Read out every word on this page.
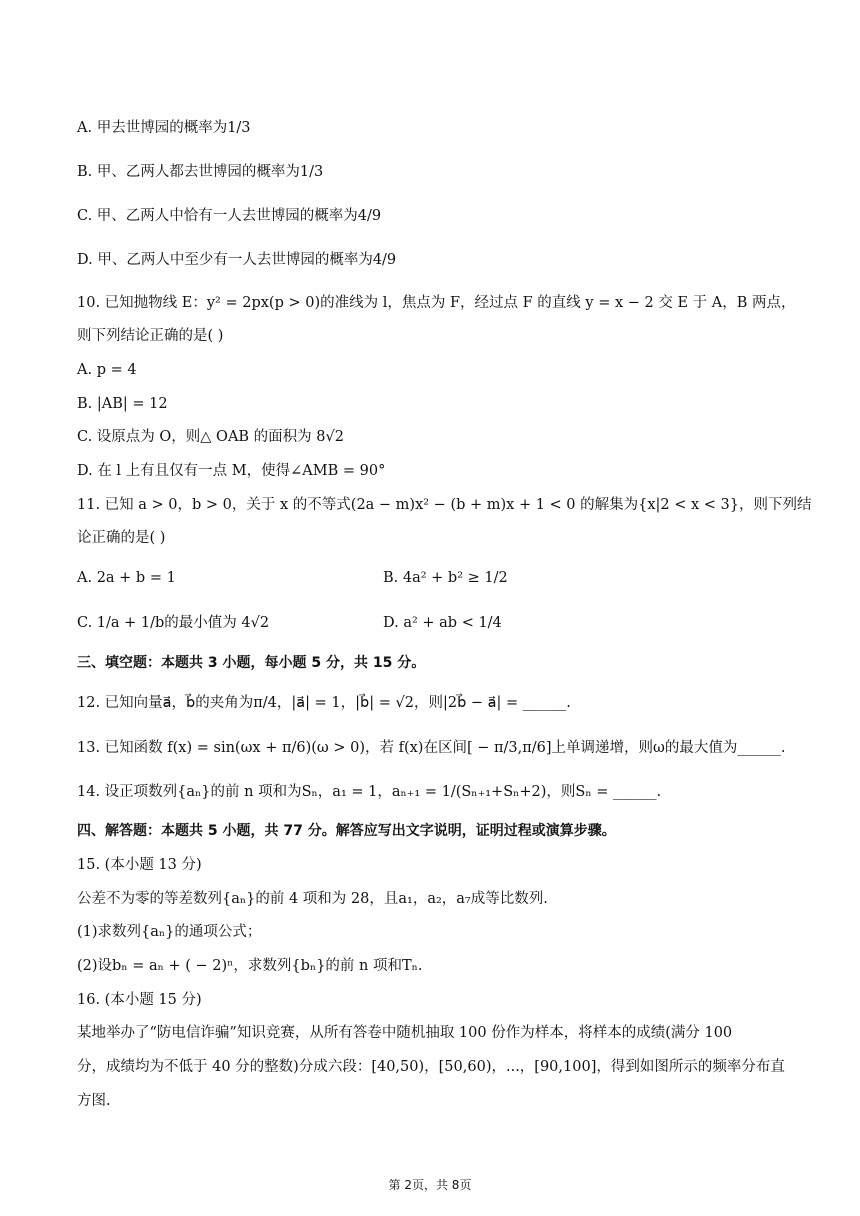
A. 甲去世博园的概率为1/3
B. 甲、乙两人都去世博园的概率为1/3
C. 甲、乙两人中恰有一人去世博园的概率为4/9
D. 甲、乙两人中至少有一人去世博园的概率为4/9
10. 已知抛物线 E：y² = 2px(p > 0)的准线为 l，焦点为 F，经过点 F 的直线 y = x − 2 交 E 于 A，B 两点，
则下列结论正确的是( )
A. p = 4
B. |AB| = 12
C. 设原点为 O，则△ OAB 的面积为 8√2
D. 在 l 上有且仅有一点 M，使得∠AMB = 90°
11. 已知 a > 0，b > 0，关于 x 的不等式(2a − m)x² − (b + m)x + 1 < 0 的解集为{x|2 < x < 3}，则下列结
论正确的是( )
A. 2a + b = 1	B. 4a² + b² ≥ 1/2
C. 1/a + 1/b的最小值为 4√2	D. a² + ab < 1/4
三、填空题：本题共 3 小题，每小题 5 分，共 15 分。
12. 已知向量a⃗，b⃗的夹角为π/4，|a⃗| = 1，|b⃗| = √2，则|2b⃗ − a⃗| = ______.
13. 已知函数 f(x) = sin(ωx + π/6)(ω > 0)，若 f(x)在区间[ − π/3,π/6]上单调递增，则ω的最大值为______.
14. 设正项数列{aₙ}的前 n 项和为Sₙ，a₁ = 1，aₙ₊₁ = 1/(Sₙ₊₁+Sₙ+2)，则Sₙ = ______.
四、解答题：本题共 5 小题，共 77 分。解答应写出文字说明，证明过程或演算步骤。
15. (本小题 13 分)
公差不为零的等差数列{aₙ}的前 4 项和为 28，且a₁，a₂，a₇成等比数列.
(1)求数列{aₙ}的通项公式；
(2)设bₙ = aₙ + ( − 2)ⁿ，求数列{bₙ}的前 n 项和Tₙ.
16. (本小题 15 分)
某地举办了“防电信诈骗”知识竞赛，从所有答卷中随机抽取 100 份作为样本，将样本的成绩(满分 100
分，成绩均为不低于 40 分的整数)分成六段：[40,50)，[50,60)，...，[90,100]，得到如图所示的频率分布直
方图.
第 2页，共 8页
